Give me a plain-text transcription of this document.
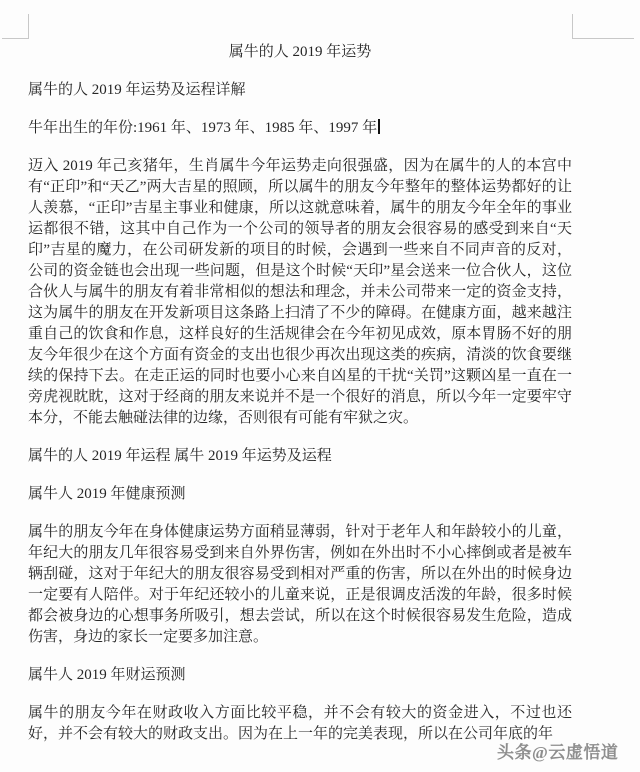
属牛的人 2019 年运势
属牛的人 2019 年运势及运程详解
牛年出生的年份:1961 年、1973 年、1985 年、1997 年
迈入 2019 年己亥猪年，生肖属牛今年运势走向很强盛，因为在属牛的人的本宫中有“正印”和“天乙”两大吉星的照顾，所以属牛的朋友今年整年的整体运势都好的让人羡慕，“正印”吉星主事业和健康，所以这就意味着，属牛的朋友今年全年的事业运都很不错，这其中自己作为一个公司的领导者的朋友会很容易的感受到来自“天印”吉星的魔力，在公司研发新的项目的时候，会遇到一些来自不同声音的反对，公司的资金链也会出现一些问题，但是这个时候“天印”星会送来一位合伙人，这位合伙人与属牛的朋友有着非常相似的想法和理念，并未公司带来一定的资金支持，这为属牛的朋友在开发新项目这条路上扫清了不少的障碍。在健康方面，越来越注重自己的饮食和作息，这样良好的生活规律会在今年初见成效，原本胃肠不好的朋友今年很少在这个方面有资金的支出也很少再次出现这类的疾病，清淡的饮食要继续的保持下去。在走正运的同时也要小心来自凶星的干扰“关罚”这颗凶星一直在一旁虎视眈眈，这对于经商的朋友来说并不是一个很好的消息，所以今年一定要牢守本分，不能去触碰法律的边缘，否则很有可能有牢狱之灾。
属牛的人 2019 年运程 属牛 2019 年运势及运程
属牛人 2019 年健康预测
属牛的朋友今年在身体健康运势方面稍显薄弱，针对于老年人和年龄较小的儿童，年纪大的朋友几年很容易受到来自外界伤害，例如在外出时不小心摔倒或者是被车辆刮碰，这对于年纪大的朋友很容易受到相对严重的伤害，所以在外出的时候身边一定要有人陪伴。对于年纪还较小的儿童来说，正是很调皮活泼的年龄，很多时候都会被身边的心想事务所吸引，想去尝试，所以在这个时候很容易发生危险，造成伤害，身边的家长一定要多加注意。
属牛人 2019 年财运预测
属牛的朋友今年在财政收入方面比较平稳，并不会有较大的资金进入，不过也还好，并不会有较大的财政支出。因为在上一年的完美表现，所以在公司年底的年
头条@云虚悟道
